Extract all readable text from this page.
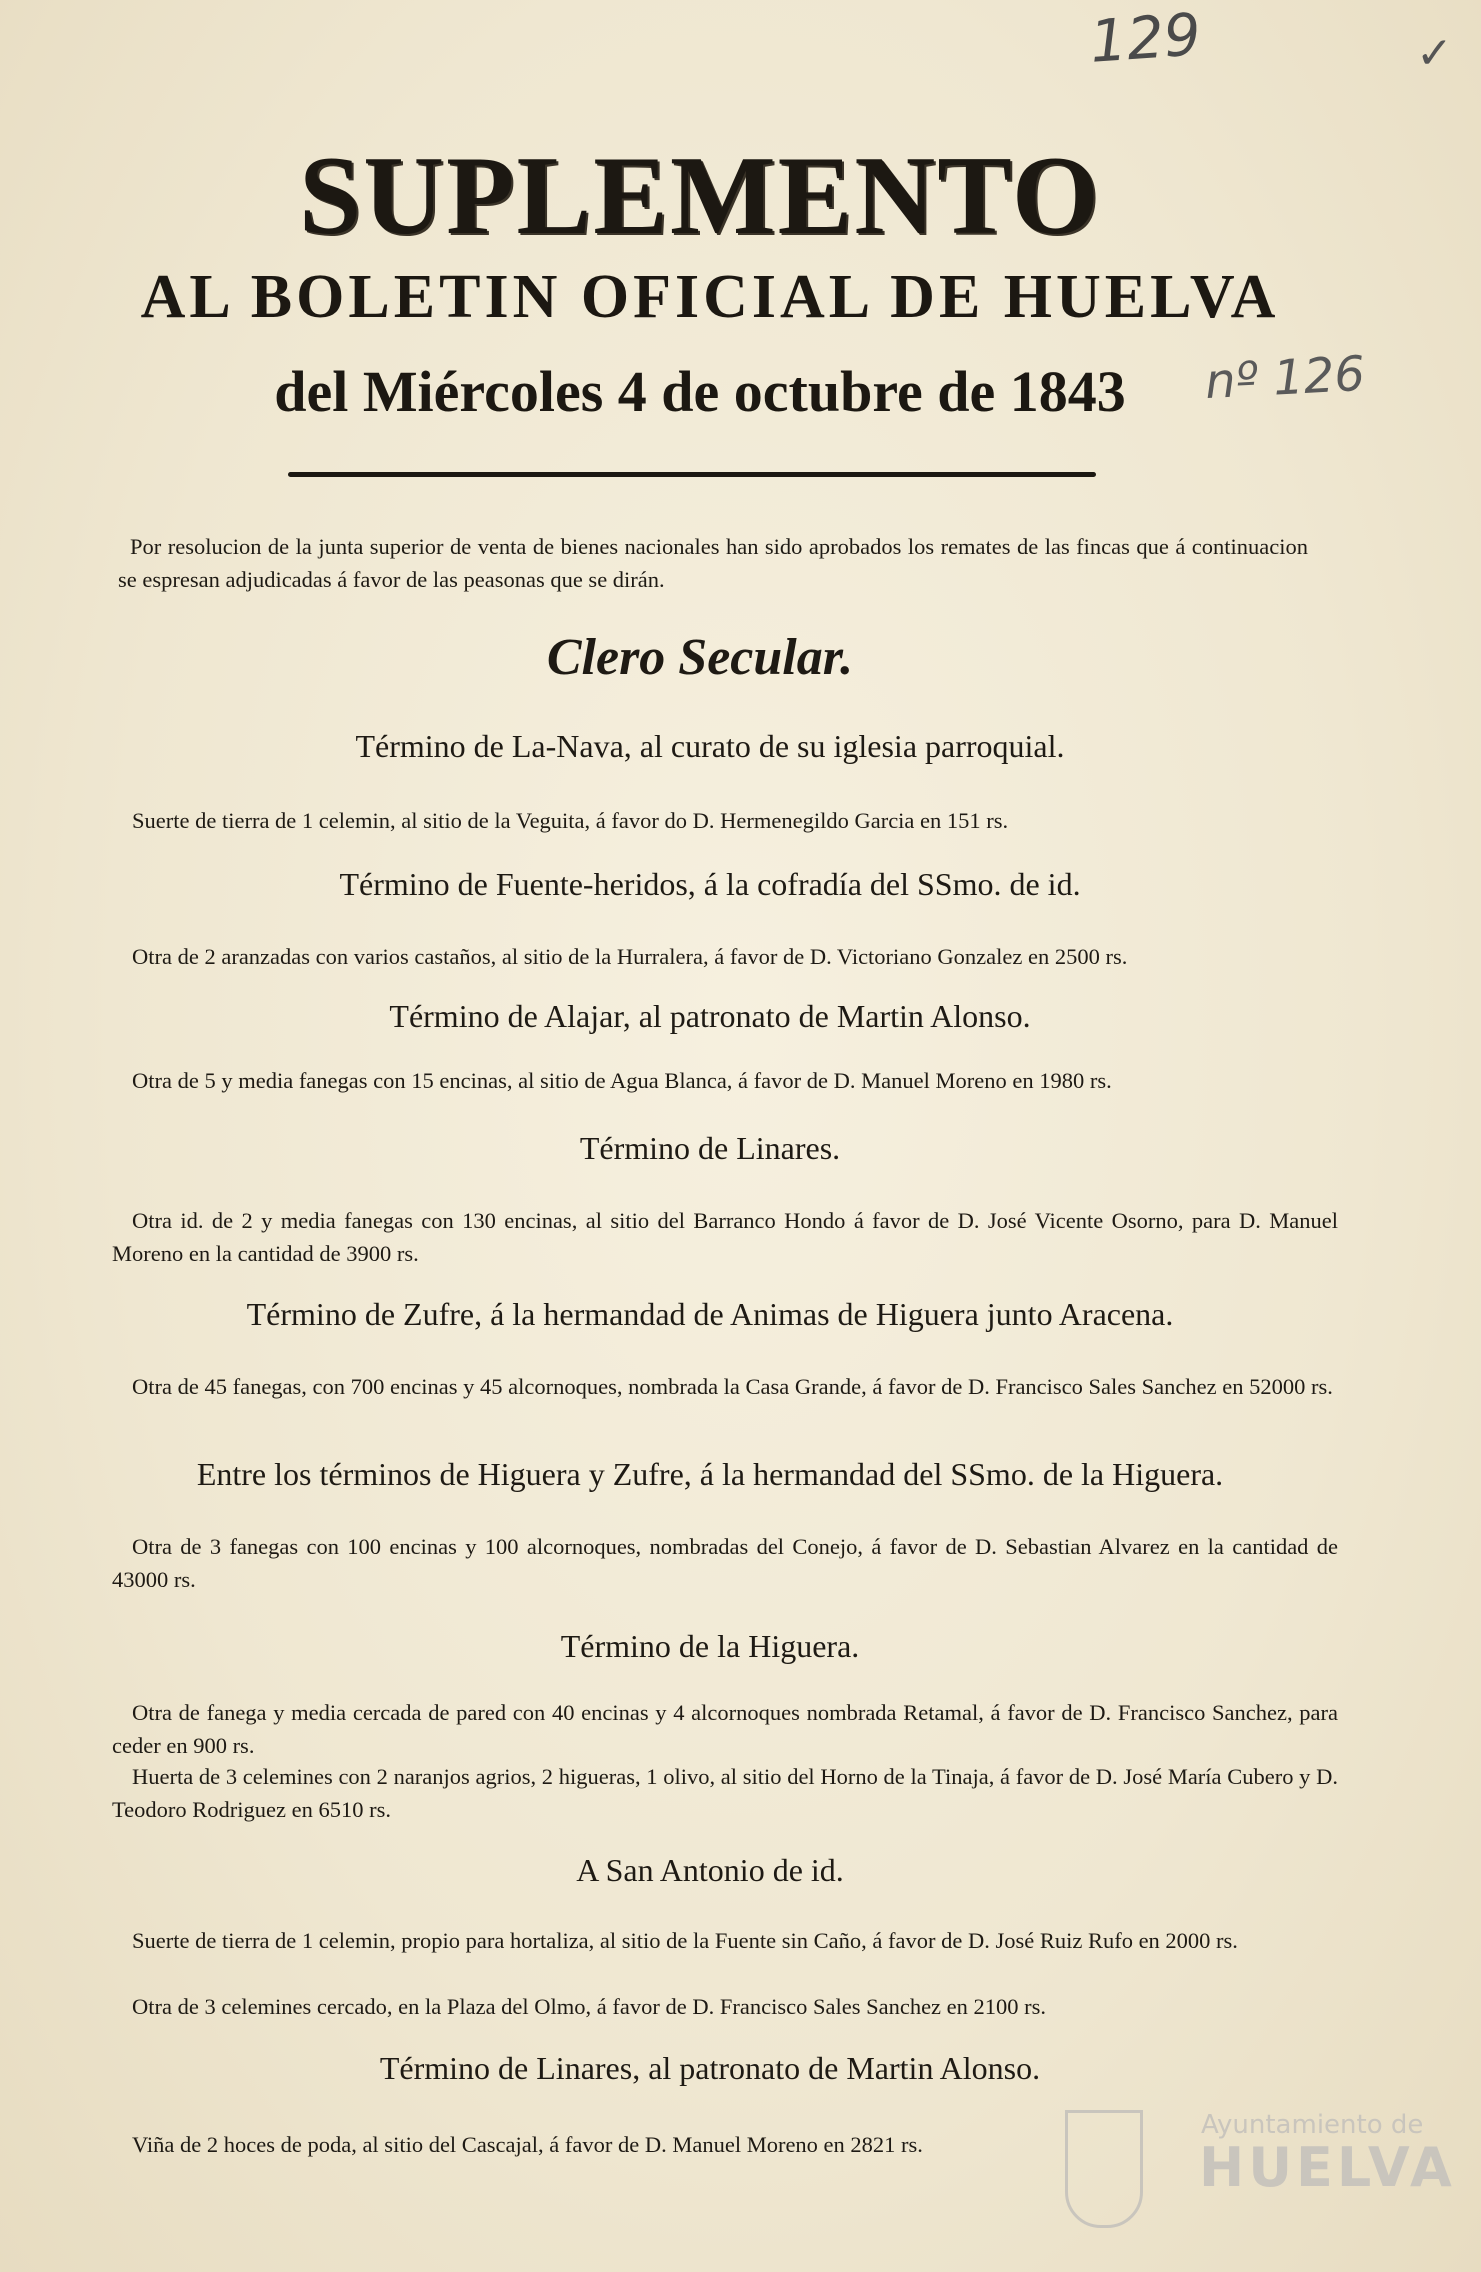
129	✓
nº 126
SUPLEMENTO
AL BOLETIN OFICIAL DE HUELVA
del Miércoles 4 de octubre de 1843
Por resolucion de la junta superior de venta de bienes nacionales han sido aprobados los remates de las fincas que á continuacion se espresan adjudicadas á favor de las peasonas que se dirán.
Clero Secular.
Término de La-Nava, al curato de su iglesia parroquial.
Suerte de tierra de 1 celemin, al sitio de la Veguita, á favor do D. Hermenegildo Garcia en 151 rs.
Término de Fuente-heridos, á la cofradía del SSmo. de id.
Otra de 2 aranzadas con varios castaños, al sitio de la Hurralera, á favor de D. Victoriano Gonzalez en 2500 rs.
Término de Alajar, al patronato de Martin Alonso.
Otra de 5 y media fanegas con 15 encinas, al sitio de Agua Blanca, á favor de D. Manuel Moreno en 1980 rs.
Término de Linares.
Otra id. de 2 y media fanegas con 130 encinas, al sitio del Barranco Hondo á favor de D. José Vicente Osorno, para D. Manuel Moreno en la cantidad de 3900 rs.
Término de Zufre, á la hermandad de Animas de Higuera junto Aracena.
Otra de 45 fanegas, con 700 encinas y 45 alcornoques, nombrada la Casa Grande, á favor de D. Francisco Sales Sanchez en 52000 rs.
Entre los términos de Higuera y Zufre, á la hermandad del SSmo. de la Higuera.
Otra de 3 fanegas con 100 encinas y 100 alcornoques, nombradas del Conejo, á favor de D. Sebastian Alvarez en la cantidad de 43000 rs.
Término de la Higuera.
Otra de fanega y media cercada de pared con 40 encinas y 4 alcornoques nombrada Retamal, á favor de D. Francisco Sanchez, para ceder en 900 rs.
Huerta de 3 celemines con 2 naranjos agrios, 2 higueras, 1 olivo, al sitio del Horno de la Tinaja, á favor de D. José María Cubero y D. Teodoro Rodriguez en 6510 rs.
A San Antonio de id.
Suerte de tierra de 1 celemin, propio para hortaliza, al sitio de la Fuente sin Caño, á favor de D. José Ruiz Rufo en 2000 rs.
Otra de 3 celemines cercado, en la Plaza del Olmo, á favor de D. Francisco Sales Sanchez en 2100 rs.
Término de Linares, al patronato de Martin Alonso.
Viña de 2 hoces de poda, al sitio del Cascajal, á favor de D. Manuel Moreno en 2821 rs.
Ayuntamiento de
HUELVA
